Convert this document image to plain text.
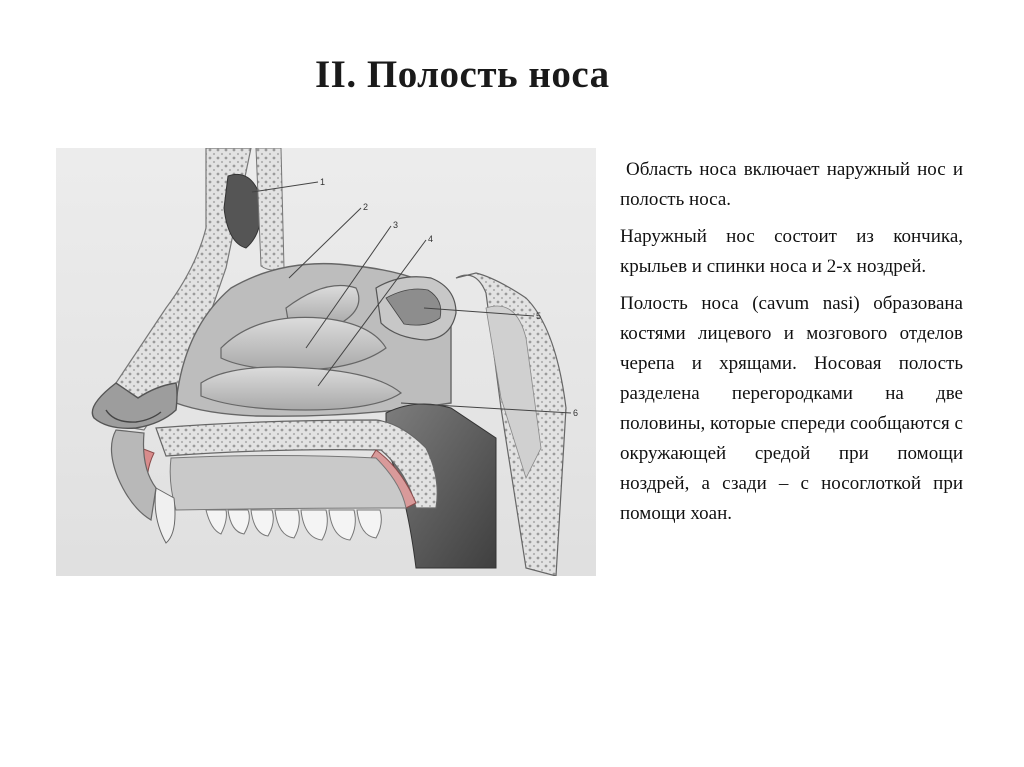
II. Полость носа
1
2
3
4
5
6

Область носа включает наружный нос и полость носа.

Наружный нос состоит из кончика, крыльев и спинки носа и 2-х ноздрей.

Полость носа (cavum nasi) образована костями лицевого и мозгового отделов черепа и хрящами. Носовая полость разделена перегородками на две половины, которые спереди сообщаются с окружающей средой при помощи ноздрей, а сзади – с носоглоткой при помощи хоан.
